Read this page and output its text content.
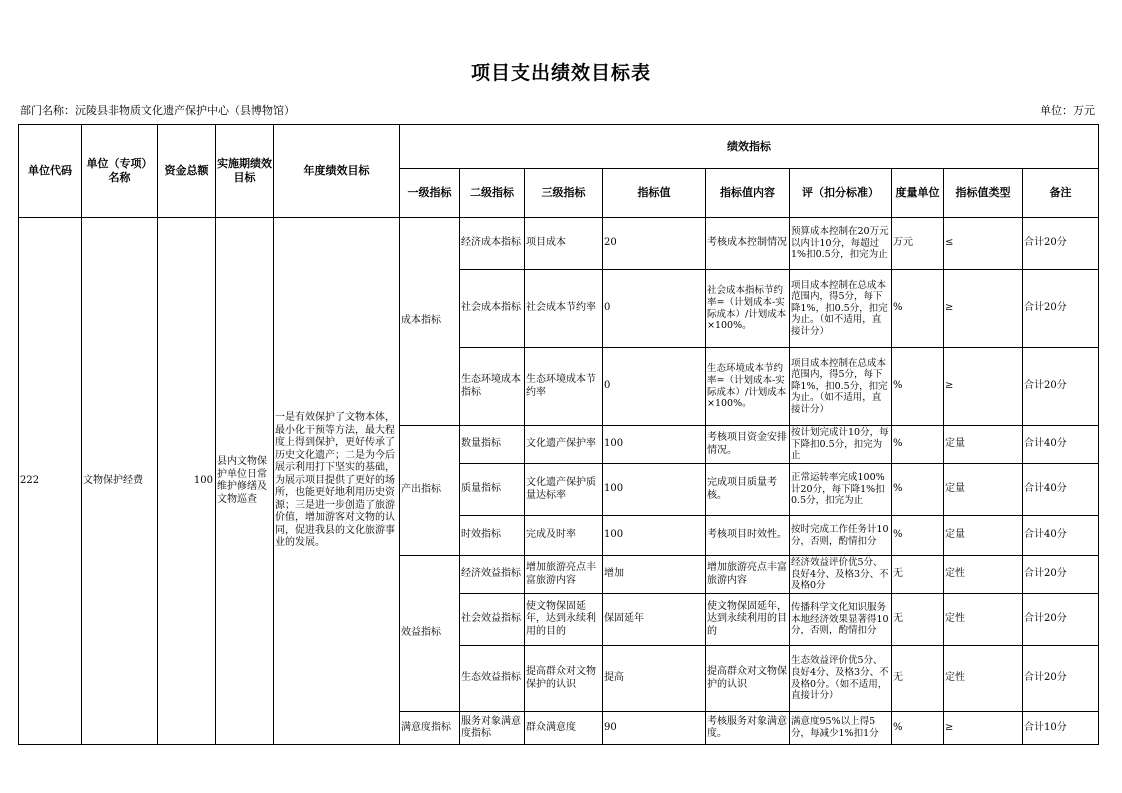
项目支出绩效目标表
部门名称：沅陵县非物质文化遗产保护中心（县博物馆）	单位：万元
单位代码	单位（专项）名称	资金总额	实施期绩效目标	年度绩效目标	绩效指标								
					一级指标	二级指标	三级指标	指标值	指标值内容	评（扣分标准）	度量单位	指标值类型	备注
222	文物保护经费	100	县内文物保护单位日常维护修缮及文物巡查	一是有效保护了文物本体，最小化干预等方法，最大程度上得到保护，更好传承了历史文化遗产；二是为今后展示利用打下坚实的基础，为展示项目提供了更好的场所，也能更好地利用历史资源；三是进一步创造了旅游价值，增加游客对文物的认同，促进我县的文化旅游事业的发展。	成本指标	经济成本指标	项目成本	20	考核成本控制情况	预算成本控制在20万元以内计10分，每超过1%扣0.5分，扣完为止	万元	≤	合计20分
						社会成本指标	社会成本节约率	0	社会成本指标节约率=（计划成本-实际成本）/计划成本×100%。	项目成本控制在总成本范围内，得5分，每下降1%，扣0.5分，扣完为止。（如不适用，直接计分）	%	≥	合计20分
						生态环境成本指标	生态环境成本节约率	0	生态环境成本节约率=（计划成本-实际成本）/计划成本×100%。	项目成本控制在总成本范围内，得5分，每下降1%，扣0.5分，扣完为止。（如不适用，直接计分）	%	≥	合计20分
					产出指标	数量指标	文化遗产保护率	100	考核项目资金安排情况。	按计划完成计10分，每下降扣0.5分，扣完为止	%	定量	合计40分
						质量指标	文化遗产保护质量达标率	100	完成项目质量考核。	正常运转率完成100%计20分，每下降1%扣0.5分，扣完为止	%	定量	合计40分
						时效指标	完成及时率	100	考核项目时效性。	按时完成工作任务计10分，否则，酌情扣分	%	定量	合计40分
					效益指标	经济效益指标	增加旅游亮点丰富旅游内容	增加	增加旅游亮点丰富旅游内容	经济效益评价优5分、良好4分、及格3分、不及格0分	无	定性	合计20分
						社会效益指标	使文物保固延年，达到永续利用的目的	保固延年	使文物保固延年，达到永续利用的目的	传播科学文化知识服务本地经济效果显著得10分，否则，酌情扣分	无	定性	合计20分
						生态效益指标	提高群众对文物保护的认识	提高	提高群众对文物保护的认识	生态效益评价优5分、良好4分、及格3分、不及格0分。（如不适用，直接计分）	无	定性	合计20分
					满意度指标	服务对象满意度指标	群众满意度	90	考核服务对象满意度。	满意度95%以上得5分，每减少1%扣1分	%	≥	合计10分
